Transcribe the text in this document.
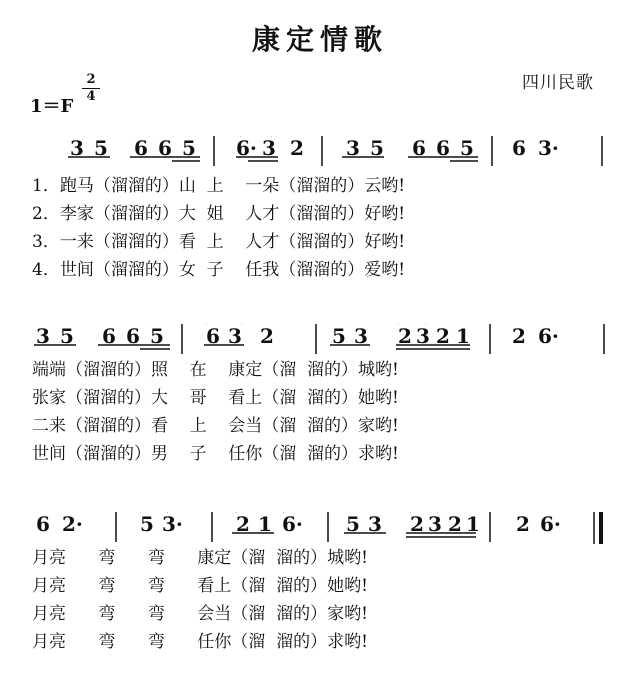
康定情歌
四川民歌
1＝F
$\frac{2}{4}$
3 5 6 6 5 6· 3 2 3 5 6 6 5 6 3·
1．跑马（溜溜的）山  上    一朵（溜溜的）云哟!
2．李家（溜溜的）大  姐    人才（溜溜的）好哟!
3．一来（溜溜的）看  上    人才（溜溜的）好哟!
4．世间（溜溜的）女  子    任我（溜溜的）爱哟!
3 5 6 6 5 6 3 2	5 3 2 3 2 1 2 6·
端端（溜溜的）照    在    康定（溜  溜的）城哟!
张家（溜溜的）大    哥    看上（溜  溜的）她哟!
二来（溜溜的）看    上    会当（溜  溜的）家哟!
世间（溜溜的）男    子    任你（溜  溜的）求哟!
6 2·	5 3·	2 1 6· 5 3 2 3 2 1 2 6·
月亮      弯      弯      康定（溜  溜的）城哟!
月亮      弯      弯      看上（溜  溜的）她哟!
月亮      弯      弯      会当（溜  溜的）家哟!
月亮      弯      弯      任你（溜  溜的）求哟!
